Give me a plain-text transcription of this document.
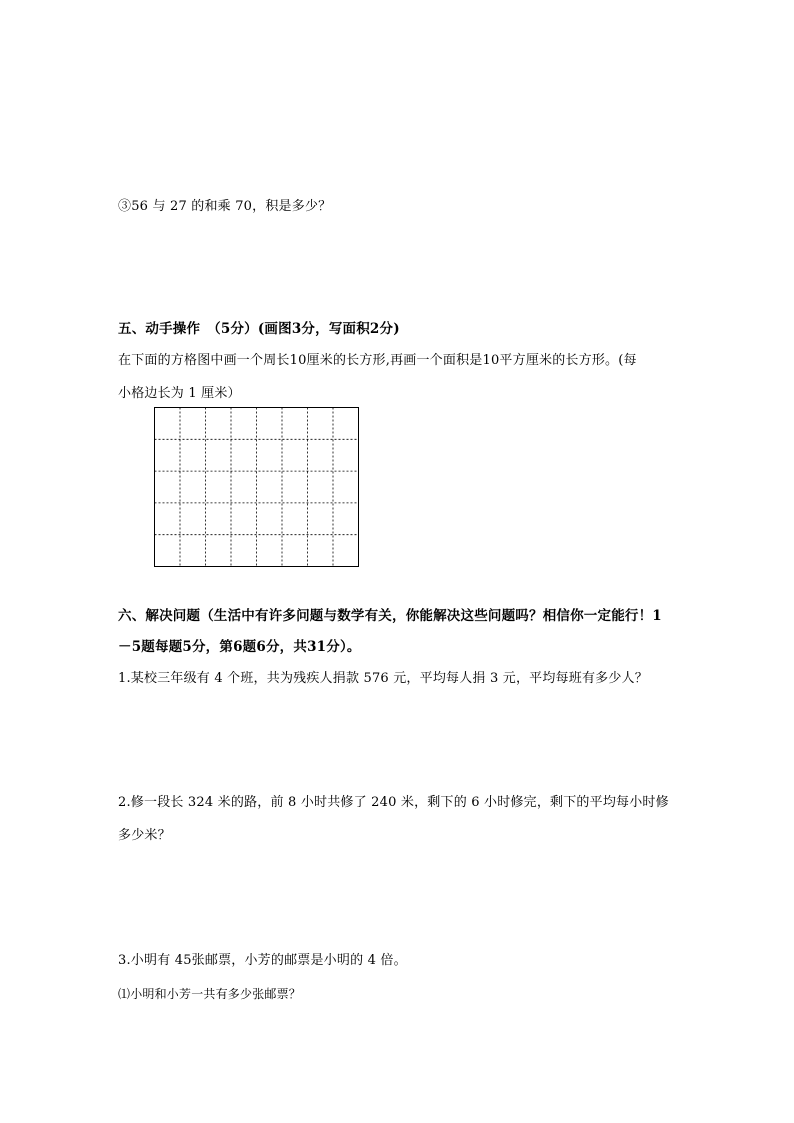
③56 与 27 的和乘 70，积是多少？
五、动手操作　（5分）(画图3分，写面积2分)
在下面的方格图中画一个周长10厘米的长方形,再画一个面积是10平方厘米的长方形。(每
小格边长为 1 厘米）
六、解决问题（生活中有许多问题与数学有关，你能解决这些问题吗？相信你一定能行！1
－5题每题5分，第6题6分，共31分）。
1.某校三年级有 4 个班，共为残疾人捐款 576 元，平均每人捐 3 元，平均每班有多少人？
2.修一段长 324 米的路，前 8 小时共修了 240 米，剩下的 6 小时修完，剩下的平均每小时修
多少米？
3.小明有 45张邮票，小芳的邮票是小明的 4 倍。
⑴小明和小芳一共有多少张邮票？
